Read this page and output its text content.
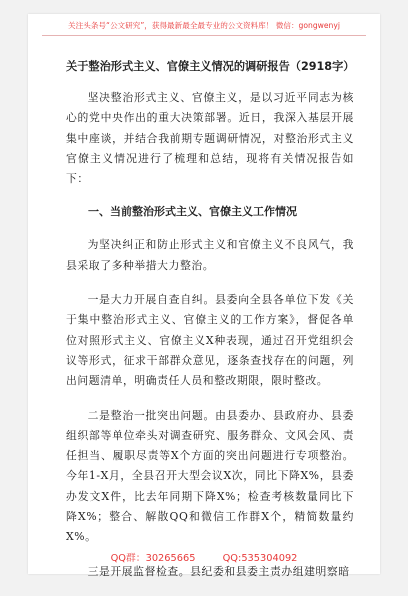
关注头条号“公文研究”，获得最新最全最专业的公文资料库！ 微信：gongwenyj
关于整治形式主义、官僚主义情况的调研报告（2918字）

坚决整治形式主义、官僚主义，是以习近平同志为核心的党中央作出的重大决策部署。近日，我深入基层开展集中座谈，并结合我前期专题调研情况，对整治形式主义官僚主义情况进行了梳理和总结，现将有关情况报告如下：

一、当前整治形式主义、官僚主义工作情况

为坚决纠正和防止形式主义和官僚主义不良风气，我县采取了多种举措大力整治。

一是大力开展自查自纠。县委向全县各单位下发《关于集中整治形式主义、官僚主义的工作方案》，督促各单位对照形式主义、官僚主义X种表现，通过召开党组织会议等形式，征求干部群众意见，逐条查找存在的问题，列出问题清单，明确责任人员和整改期限，限时整改。

二是整治一批突出问题。由县委办、县政府办、县委组织部等单位牵头对调查研究、服务群众、文风会风、责任担当、履职尽责等X个方面的突出问题进行专项整治。今年1-X月，全县召开大型会议X次，同比下降X%，县委办发文X件，比去年同期下降X%；检查考核数量同比下降X%；整合、解散QQ和微信工作群X个，精简数量约X%。

三是开展监督检查。县纪委和县委主责办组建明察暗

QQ群：30265665	QQ:535304092
